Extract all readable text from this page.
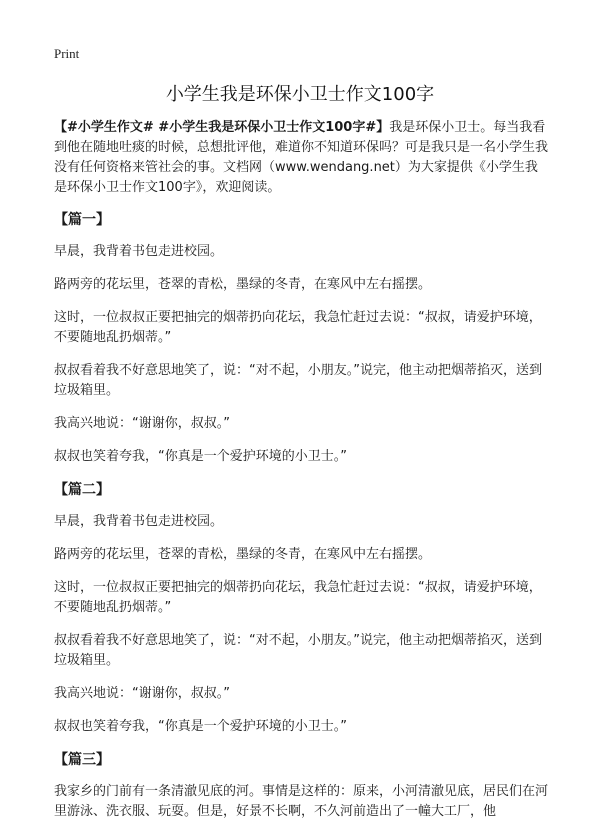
Print
小学生我是环保小卫士作文100字

【#小学生作文# #小学生我是环保小卫士作文100字#】我是环保小卫士。每当我看到他在随地吐痰的时候，总想批评他，难道你不知道环保吗？可是我只是一名小学生我没有任何资格来管社会的事。文档网（www.wendang.net）为大家提供《小学生我是环保小卫士作文100字》，欢迎阅读。

【篇一】

早晨，我背着书包走进校园。

路两旁的花坛里，苍翠的青松，墨绿的冬青，在寒风中左右摇摆。

这时，一位叔叔正要把抽完的烟蒂扔向花坛，我急忙赶过去说：“叔叔，请爱护环境，不要随地乱扔烟蒂。”

叔叔看着我不好意思地笑了，说：“对不起，小朋友。”说完，他主动把烟蒂掐灭，送到垃圾箱里。

我高兴地说：“谢谢你，叔叔。”

叔叔也笑着夸我，“你真是一个爱护环境的小卫士。”

【篇二】

早晨，我背着书包走进校园。

路两旁的花坛里，苍翠的青松，墨绿的冬青，在寒风中左右摇摆。

这时，一位叔叔正要把抽完的烟蒂扔向花坛，我急忙赶过去说：“叔叔，请爱护环境，不要随地乱扔烟蒂。”

叔叔看着我不好意思地笑了，说：“对不起，小朋友。”说完，他主动把烟蒂掐灭，送到垃圾箱里。

我高兴地说：“谢谢你，叔叔。”

叔叔也笑着夸我，“你真是一个爱护环境的小卫士。”

【篇三】

我家乡的门前有一条清澈见底的河。事情是这样的：原来，小河清澈见底，居民们在河里游泳、洗衣服、玩耍。但是，好景不长啊，不久河前造出了一幢大工厂，他
